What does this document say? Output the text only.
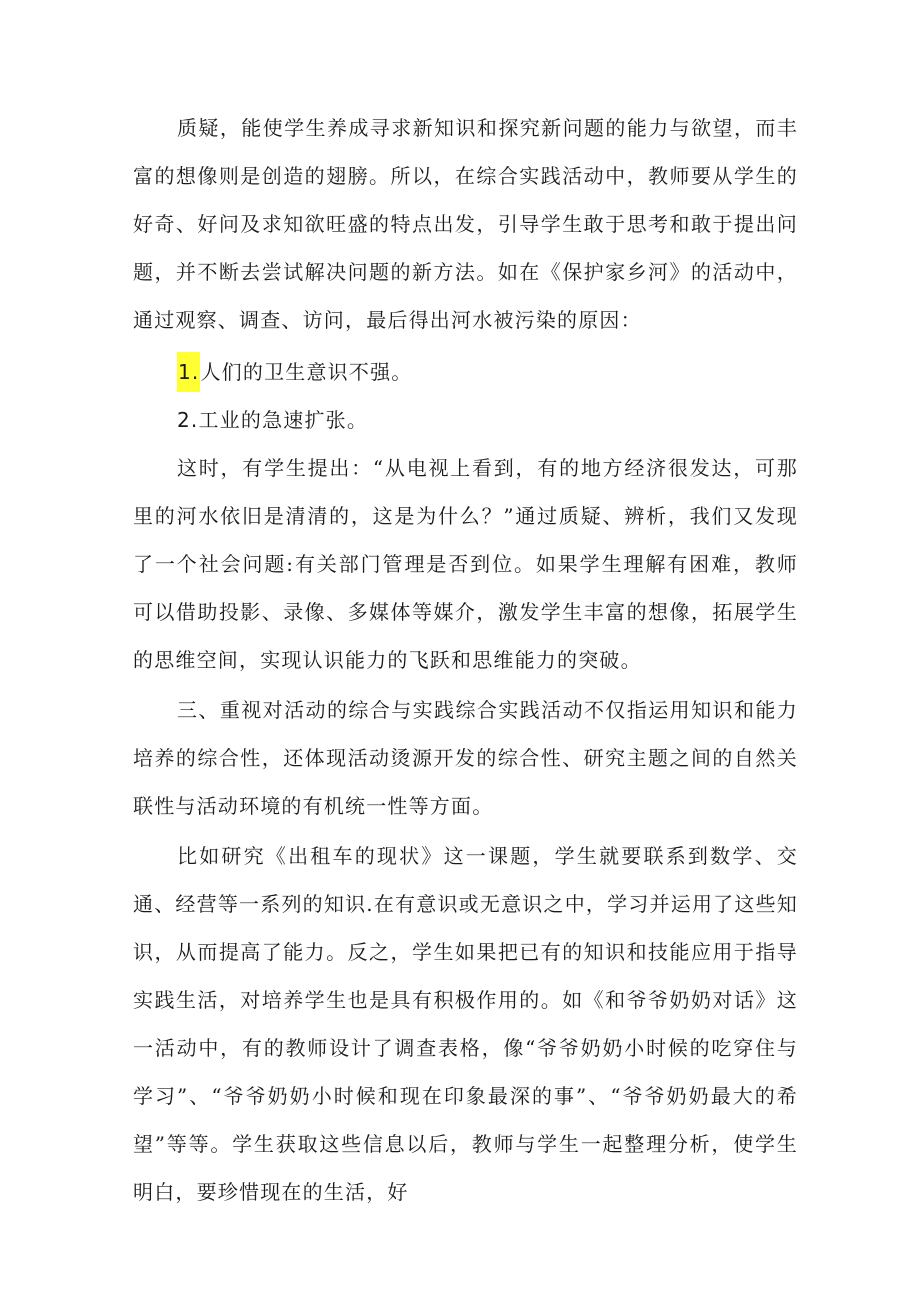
质疑，能使学生养成寻求新知识和探究新问题的能力与欲望，而丰富的想像则是创造的翅膀。所以，在综合实践活动中，教师要从学生的好奇、好问及求知欲旺盛的特点出发，引导学生敢于思考和敢于提出问题，并不断去尝试解决问题的新方法。如在《保护家乡河》的活动中，通过观察、调查、访问，最后得出河水被污染的原因：

1.人们的卫生意识不强。

2.工业的急速扩张。

这时，有学生提出：“从电视上看到，有的地方经济很发达，可那里的河水依旧是清清的，这是为什么？”通过质疑、辨析，我们又发现了一个社会问题:有关部门管理是否到位。如果学生理解有困难，教师可以借助投影、录像、多媒体等媒介，激发学生丰富的想像，拓展学生的思维空间，实现认识能力的飞跃和思维能力的突破。

三、重视对活动的综合与实践综合实践活动不仅指运用知识和能力培养的综合性，还体现活动烫源开发的综合性、研究主题之间的自然关联性与活动环境的有机统一性等方面。

比如研究《出租车的现状》这一课题，学生就要联系到数学、交通、经营等一系列的知识.在有意识或无意识之中，学习并运用了这些知识，从而提高了能力。反之，学生如果把已有的知识和技能应用于指导实践生活，对培养学生也是具有积极作用的。如《和爷爷奶奶对话》这一活动中，有的教师设计了调查表格，像“爷爷奶奶小时候的吃穿住与学习”、“爷爷奶奶小时候和现在印象最深的事”、“爷爷奶奶最大的希望”等等。学生获取这些信息以后，教师与学生一起整理分析，使学生明白，要珍惜现在的生活，好
